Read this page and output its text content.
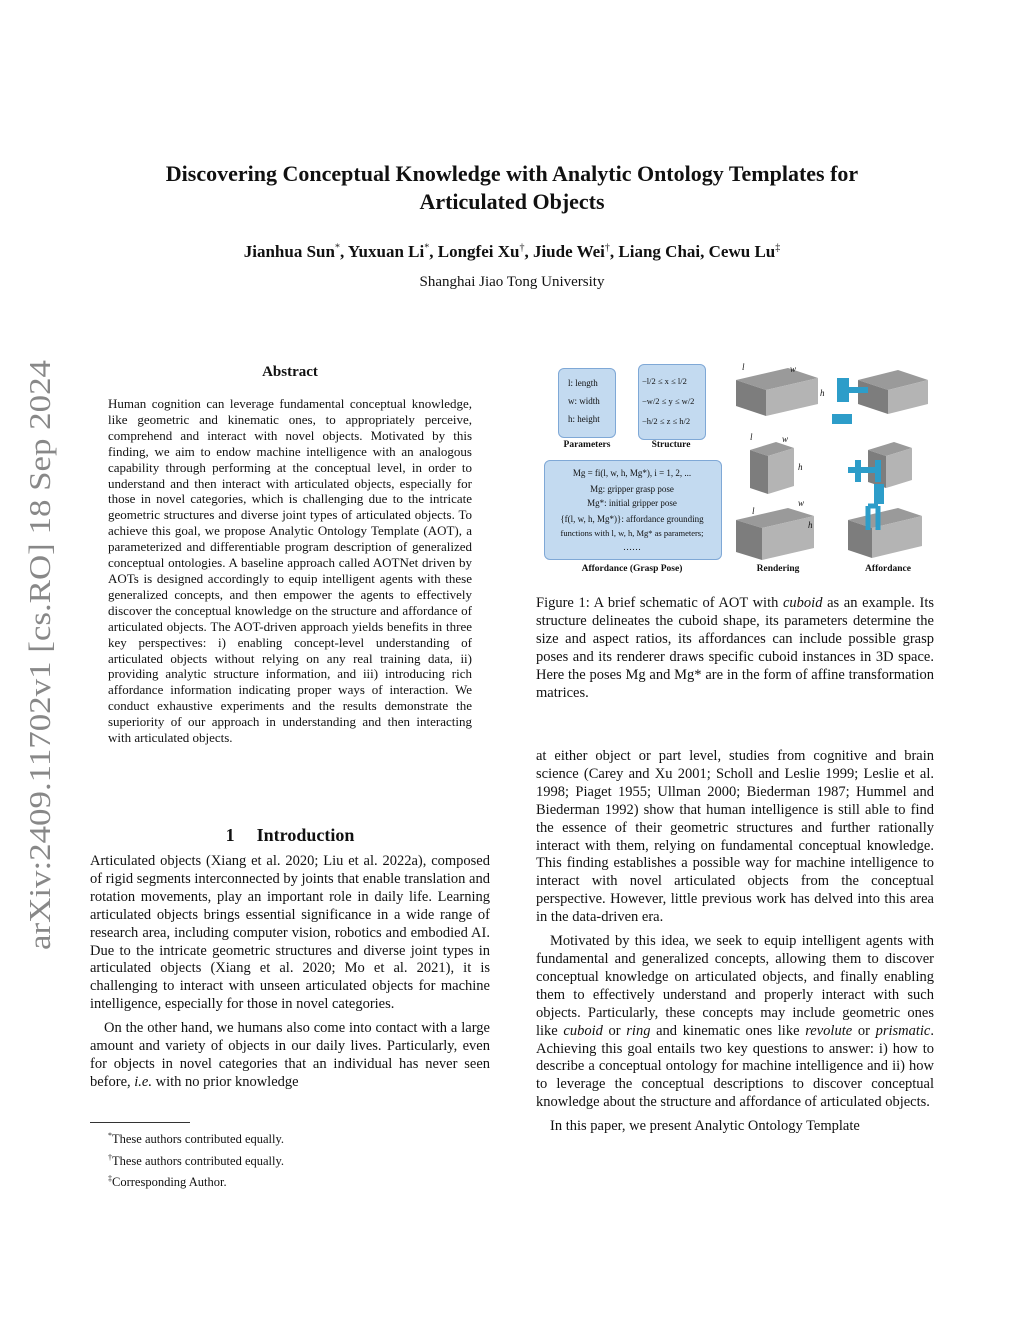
arXiv:2409.11702v1 [cs.RO] 18 Sep 2024
Discovering Conceptual Knowledge with Analytic Ontology Templates for
Articulated Objects
Jianhua Sun*, Yuxuan Li*, Longfei Xu†, Jiude Wei†, Liang Chai, Cewu Lu‡
Shanghai Jiao Tong University
Abstract
Human cognition can leverage fundamental conceptual knowledge, like geometric and kinematic ones, to appropriately perceive, comprehend and interact with novel objects. Motivated by this finding, we aim to endow machine intelligence with an analogous capability through performing at the conceptual level, in order to understand and then interact with articulated objects, especially for those in novel categories, which is challenging due to the intricate geometric structures and diverse joint types of articulated objects. To achieve this goal, we propose Analytic Ontology Template (AOT), a parameterized and differentiable program description of generalized conceptual ontologies. A baseline approach called AOTNet driven by AOTs is designed accordingly to equip intelligent agents with these generalized concepts, and then empower the agents to effectively discover the conceptual knowledge on the structure and affordance of articulated objects. The AOT-driven approach yields benefits in three key perspectives: i) enabling concept-level understanding of articulated objects without relying on any real training data, ii) providing analytic structure information, and iii) introducing rich affordance information indicating proper ways of interaction. We conduct exhaustive experiments and the results demonstrate the superiority of our approach in understanding and then interacting with articulated objects.
1 Introduction

Articulated objects (Xiang et al. 2020; Liu et al. 2022a), composed of rigid segments interconnected by joints that enable translation and rotation movements, play an important role in daily life. Learning articulated objects brings essential significance in a wide range of research area, including computer vision, robotics and embodied AI. Due to the intricate geometric structures and diverse joint types in articulated objects (Xiang et al. 2020; Mo et al. 2021), it is challenging to interact with unseen articulated objects for machine intelligence, especially for those in novel categories.

On the other hand, we humans also come into contact with a large amount and variety of objects in our daily lives. Particularly, even for objects in novel categories that an individual has never seen before, i.e. with no prior knowledge

*These authors contributed equally.
†These authors contributed equally.
‡Corresponding Author.
l: length
w: width
h: height
Parameters
−l/2 ≤ x ≤ l/2
−w/2 ≤ y ≤ w/2
−h/2 ≤ z ≤ h/2
Structure
Mg = fi(l, w, h, Mg*), i = 1, 2, ...
Mg: gripper grasp pose
Mg*: initial gripper pose
{f(l, w, h, Mg*)}: affordance grounding
functions with l, w, h, Mg* as parameters;
……
Affordance (Grasp Pose)
l	w
h
l	w
h
l
w
h
Rendering	Affordance
Figure 1: A brief schematic of AOT with cuboid as an example. Its structure delineates the cuboid shape, its parameters determine the size and aspect ratios, its affordances can include possible grasp poses and its renderer draws specific cuboid instances in 3D space. Here the poses Mg and Mg* are in the form of affine transformation matrices.

at either object or part level, studies from cognitive and brain science (Carey and Xu 2001; Scholl and Leslie 1999; Leslie et al. 1998; Piaget 1955; Ullman 2000; Biederman 1987; Hummel and Biederman 1992) show that human intelligence is still able to find the essence of their geometric structures and further rationally interact with them, relying on fundamental conceptual knowledge. This finding establishes a possible way for machine intelligence to interact with novel articulated objects from the conceptual perspective. However, little previous work has delved into this area in the data-driven era.

Motivated by this idea, we seek to equip intelligent agents with fundamental and generalized concepts, allowing them to discover conceptual knowledge on articulated objects, and finally enabling them to effectively understand and properly interact with such objects. Particularly, these concepts may include geometric ones like cuboid or ring and kinematic ones like revolute or prismatic. Achieving this goal entails two key questions to answer: i) how to describe a conceptual ontology for machine intelligence and ii) how to leverage the conceptual descriptions to discover conceptual knowledge about the structure and affordance of articulated objects.

In this paper, we present Analytic Ontology Template
